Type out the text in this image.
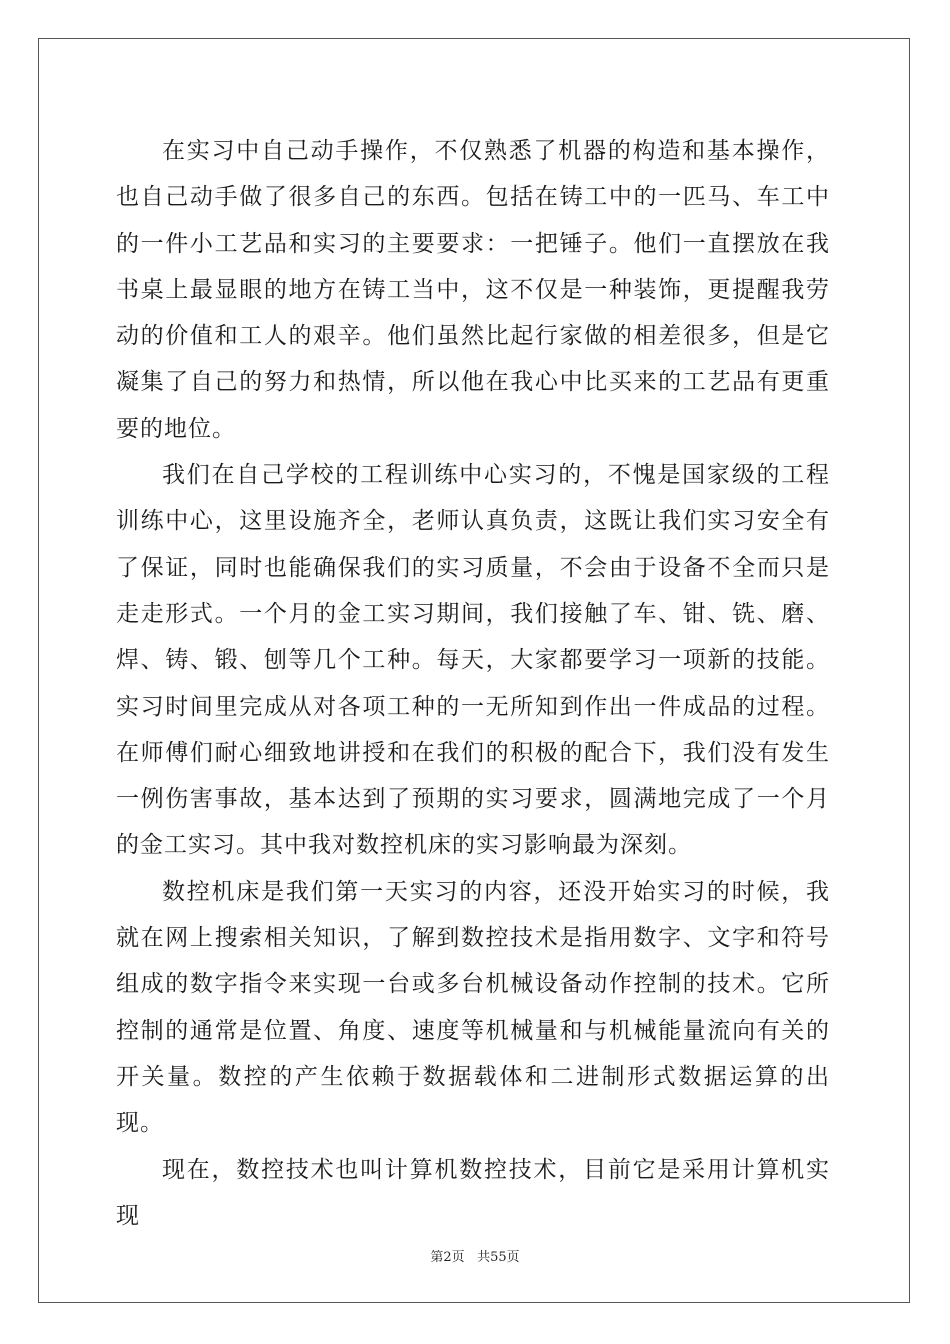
在实习中自己动手操作，不仅熟悉了机器的构造和基本操作，也自己动手做了很多自己的东西。包括在铸工中的一匹马、车工中的一件小工艺品和实习的主要要求：一把锤子。他们一直摆放在我书桌上最显眼的地方在铸工当中，这不仅是一种装饰，更提醒我劳动的价值和工人的艰辛。他们虽然比起行家做的相差很多，但是它凝集了自己的努力和热情，所以他在我心中比买来的工艺品有更重要的地位。

我们在自己学校的工程训练中心实习的，不愧是国家级的工程训练中心，这里设施齐全，老师认真负责，这既让我们实习安全有了保证，同时也能确保我们的实习质量，不会由于设备不全而只是走走形式。一个月的金工实习期间，我们接触了车、钳、铣、磨、焊、铸、锻、刨等几个工种。每天，大家都要学习一项新的技能。实习时间里完成从对各项工种的一无所知到作出一件成品的过程。在师傅们耐心细致地讲授和在我们的积极的配合下，我们没有发生一例伤害事故，基本达到了预期的实习要求，圆满地完成了一个月的金工实习。其中我对数控机床的实习影响最为深刻。

数控机床是我们第一天实习的内容，还没开始实习的时候，我就在网上搜索相关知识，了解到数控技术是指用数字、文字和符号组成的数字指令来实现一台或多台机械设备动作控制的技术。它所控制的通常是位置、角度、速度等机械量和与机械能量流向有关的开关量。数控的产生依赖于数据载体和二进制形式数据运算的出现。

现在，数控技术也叫计算机数控技术，目前它是采用计算机实现

第2页 共55页
